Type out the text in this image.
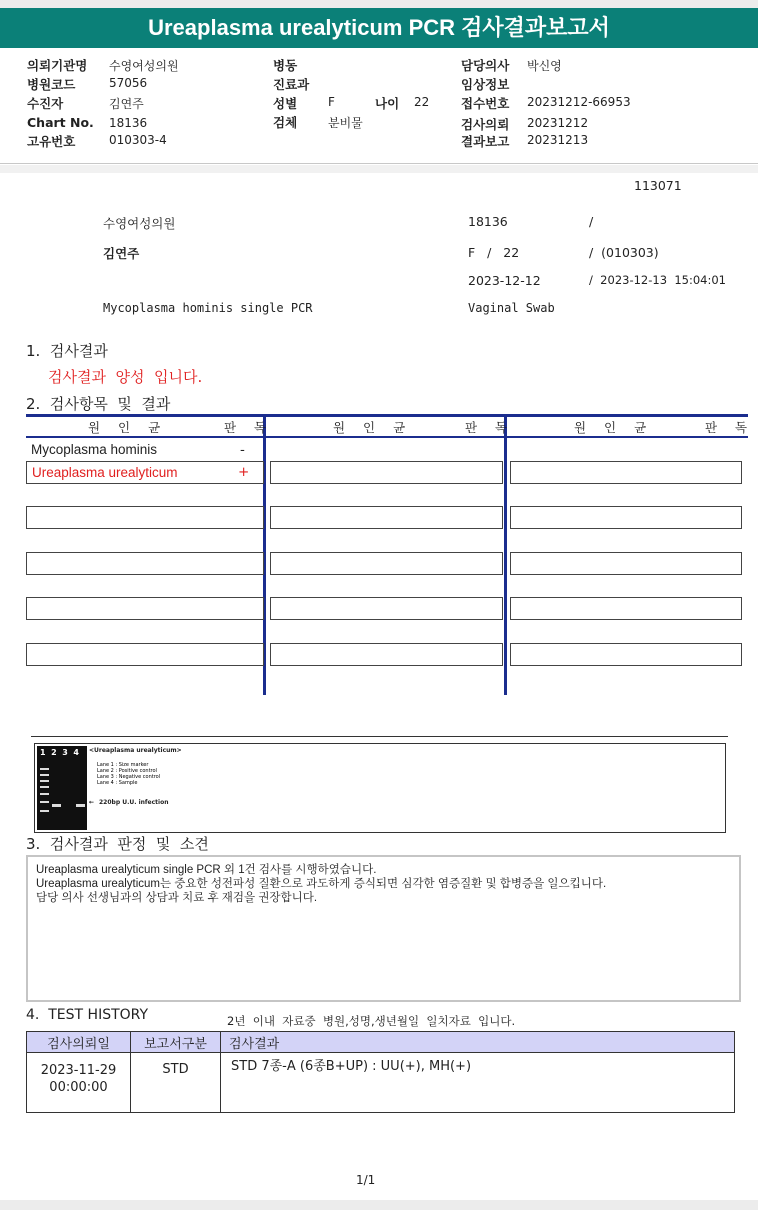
Ureaplasma urealyticum PCR 검사결과보고서
의뢰기관명 수영여성의원
병원코드	57056
수진자	김연주
Chart No. 18136
고유번호	010303-4
병동
진료과
성별	F	나이 22
검체	분비물
담당의사 박신영
임상정보
접수번호 20231212-66953
검사의뢰 20231212
결과보고 20231213
113071
수영여성의원	18136	/
김연주	F   /   22	/  (010303)
2023-12-12	/  2023-12-13  15:04:01
Mycoplasma hominis single PCR	Vaginal Swab
1.  검사결과
검사결과  양성  입니다.
2.  검사항목  및  결과
원 인 균	판 독	원 인 균	판 독	원 인 균	판 독
Mycoplasma hominis	-
Ureaplasma urealyticum	+
1  2  3  4 <Ureaplasma urealyticum>
Lane 1 : Size marker
Lane 2 : Positive control
Lane 3 : Negative control
Lane 4 : Sample
← 220bp U.U. infection
3.  검사결과  판정  및  소견
Ureaplasma urealyticum single PCR 외 1건 검사를 시행하였습니다.
Ureaplasma urealyticum는 중요한 성전파성 질환으로 과도하게 증식되면 심각한 염증질환 및 합병증을 일으킵니다.
담당 의사 선생님과의 상담과 치료 후 재검을 권장합니다.
4.  TEST HISTORY	2년  이내  자료중  병원,성명,생년월일  일치자료  입니다.
검사의뢰일	보고서구분	검사결과

2023-11-29
00:00:00	STD	STD 7종-A (6종B+UP) : UU(+), MH(+)
1/1
